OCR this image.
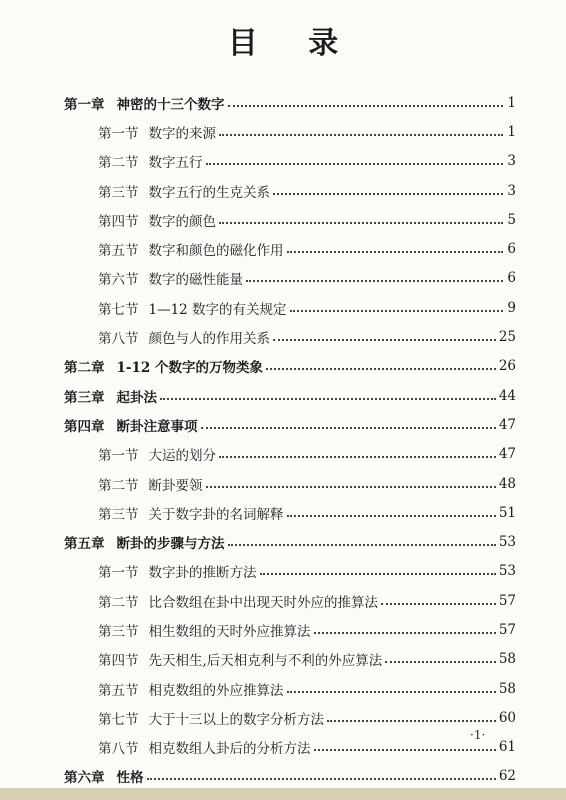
目 录
第一章 神密的十三个数字	1
第一节 数字的来源	1
第二节 数字五行	3
第三节 数字五行的生克关系	3
第四节 数字的颜色	5
第五节 数字和颜色的磁化作用	6
第六节 数字的磁性能量	6
第七节 1—12 数字的有关规定	9
第八节 颜色与人的作用关系	25
第二章 1-12 个数字的万物类象	26
第三章 起卦法	44
第四章 断卦注意事项	47
第一节 大运的划分	47
第二节 断卦要领	48
第三节 关于数字卦的名词解释	51
第五章 断卦的步骤与方法	53
第一节 数字卦的推断方法	53
第二节 比合数组在卦中出现天时外应的推算法	57
第三节 相生数组的天时外应推算法	57
第四节 先天相生,后天相克利与不利的外应算法	58
第五节 相克数组的外应推算法	58
第七节 大于十三以上的数字分析方法	60
第八节 相克数组人卦后的分析方法	61
第六章 性格	62
·1·
